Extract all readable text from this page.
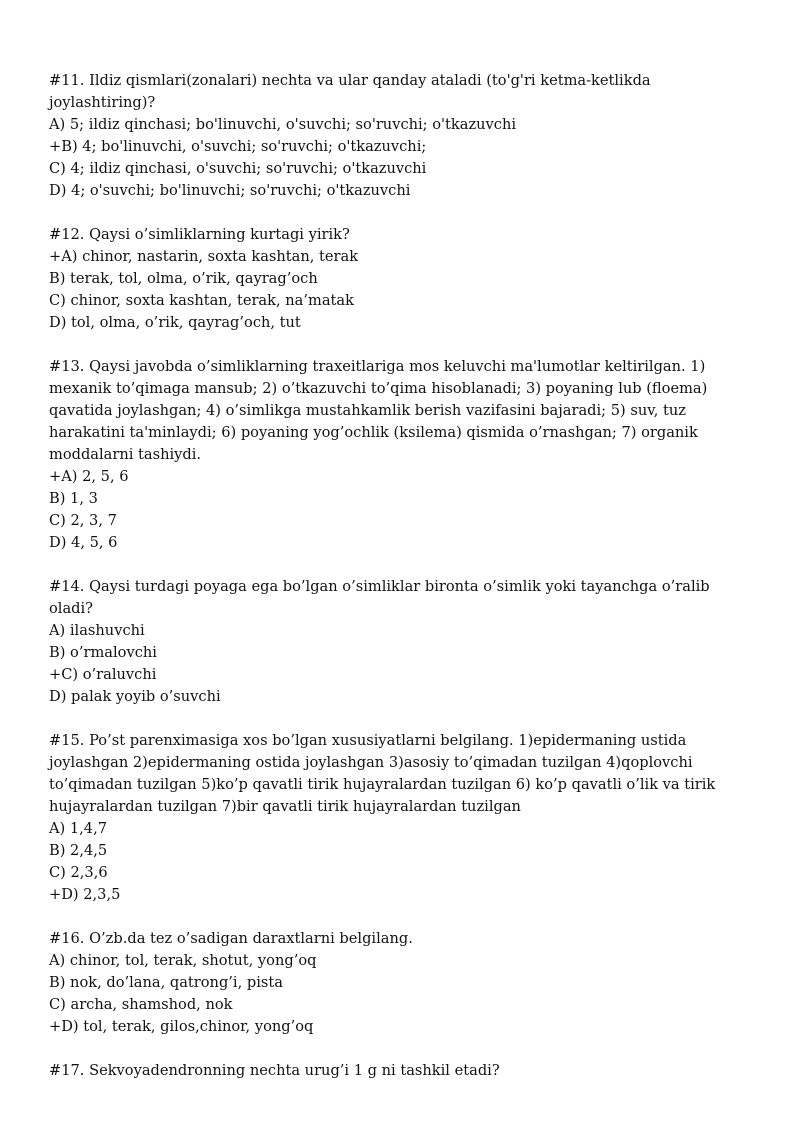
#11. Ildiz qismlari(zonalari) nechta va ular qanday ataladi (to'g'ri ketma-ketlikda joylashtiring)?
A) 5; ildiz qinchasi; bo'linuvchi, o'suvchi; so'ruvchi; o'tkazuvchi
+B) 4; bo'linuvchi, o'suvchi; so'ruvchi; o'tkazuvchi;
C) 4; ildiz qinchasi, o'suvchi; so'ruvchi; o'tkazuvchi
D) 4; o'suvchi; bo'linuvchi; so'ruvchi; o'tkazuvchi
#12. Qaysi o’simliklarning kurtagi yirik?
+A) chinor, nastarin, soxta kashtan, terak
B) terak, tol, olma, o’rik, qayrag’och
C) chinor, soxta kashtan, terak, na’matak
D) tol, olma, o’rik, qayrag’och, tut
#13. Qaysi javobda o’simliklarning traxeitlariga mos keluvchi ma'lumotlar keltirilgan. 1) mexanik to’qimaga mansub; 2) o’tkazuvchi to’qima hisoblanadi; 3) poyaning lub (floema) qavatida joylashgan; 4) o’simlikga mustahkamlik berish vazifasini bajaradi; 5) suv, tuz harakatini ta'minlaydi; 6) poyaning yog’ochlik (ksilema) qismida o’rnashgan; 7) organik moddalarni tashiydi.
+A) 2, 5, 6
B) 1, 3
C) 2, 3, 7
D) 4, 5, 6
#14. Qaysi turdagi poyaga ega bo’lgan o’simliklar bironta o’simlik yoki tayanchga o’ralib oladi?
A) ilashuvchi
B) o’rmalovchi
+C) o’raluvchi
D) palak yoyib o’suvchi
#15. Po’st parenximasiga xos bo’lgan xususiyatlarni belgilang. 1)epidermaning ustida joylashgan 2)epidermaning ostida joylashgan 3)asosiy to’qimadan tuzilgan 4)qoplovchi to’qimadan tuzilgan 5)ko’p qavatli tirik hujayralardan tuzilgan 6) ko’p qavatli o’lik va tirik hujayralardan tuzilgan 7)bir qavatli tirik hujayralardan tuzilgan
A) 1,4,7
B) 2,4,5
C) 2,3,6
+D) 2,3,5
#16. O’zb.da tez o’sadigan daraxtlarni belgilang.
A) chinor, tol, terak, shotut, yong’oq
B) nok, do’lana, qatrong’i, pista
C) archa, shamshod, nok
+D) tol, terak, gilos,chinor, yong’oq
#17. Sekvoyadendronning nechta urug’i 1 g ni tashkil etadi?
